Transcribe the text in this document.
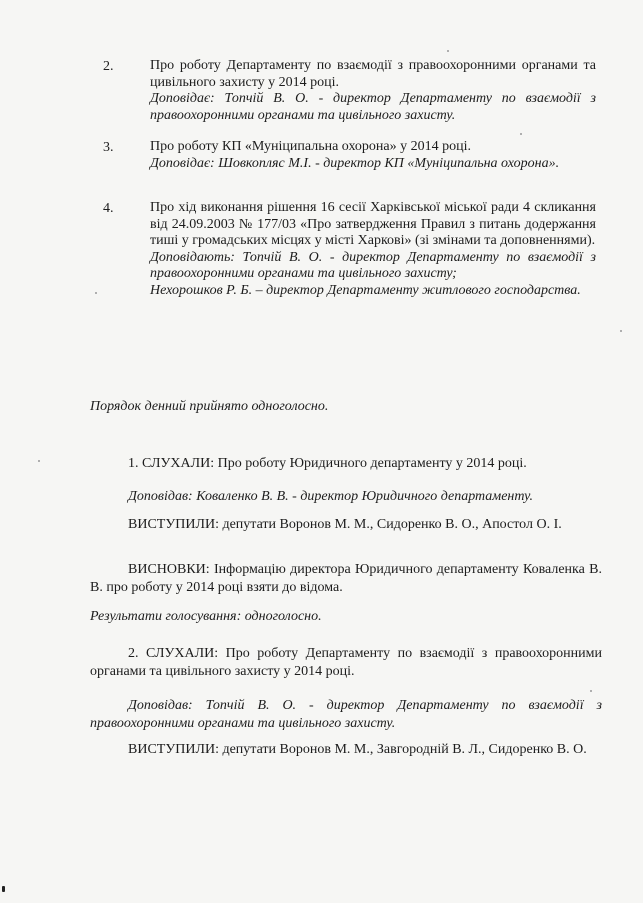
2.	Про роботу Департаменту по взаємодії з правоохоронними органами та цивільного захисту у 2014 році.
Доповідає: Топчій В. О. - директор Департаменту по взаємодії з правоохоронними органами та цивільного захисту.
3.	Про роботу КП «Муніципальна охорона» у 2014 році.
Доповідає: Шовкопляс М.І. - директор КП «Муніципальна охорона».
4.	Про хід виконання рішення 16 сесії Харківської міської ради 4 скликання від 24.09.2003 № 177/03 «Про затвердження Правил з питань додержання тиші у громадських місцях у місті Харкові» (зі змінами та доповненнями).
Доповідають: Топчій В. О. - директор Департаменту по взаємодії з правоохоронними органами та цивільного захисту;
Нехорошков Р. Б. – директор Департаменту житлового господарства.
Порядок денний прийнято одноголосно.
1. СЛУХАЛИ: Про роботу Юридичного департаменту у 2014 році.
Доповідав: Коваленко В. В. - директор Юридичного департаменту.
ВИСТУПИЛИ: депутати Воронов М. М., Сидоренко В. О., Апостол О. І.
ВИСНОВКИ: Інформацію директора Юридичного департаменту Коваленка В. В. про роботу у 2014 році взяти до відома.
Результати голосування: одноголосно.
2. СЛУХАЛИ: Про роботу Департаменту по взаємодії з правоохоронними органами та цивільного захисту у 2014 році.
Доповідав: Топчій В. О. - директор Департаменту по взаємодії з правоохоронними органами та цивільного захисту.
ВИСТУПИЛИ: депутати Воронов М. М., Завгородній В. Л., Сидоренко В. О.
